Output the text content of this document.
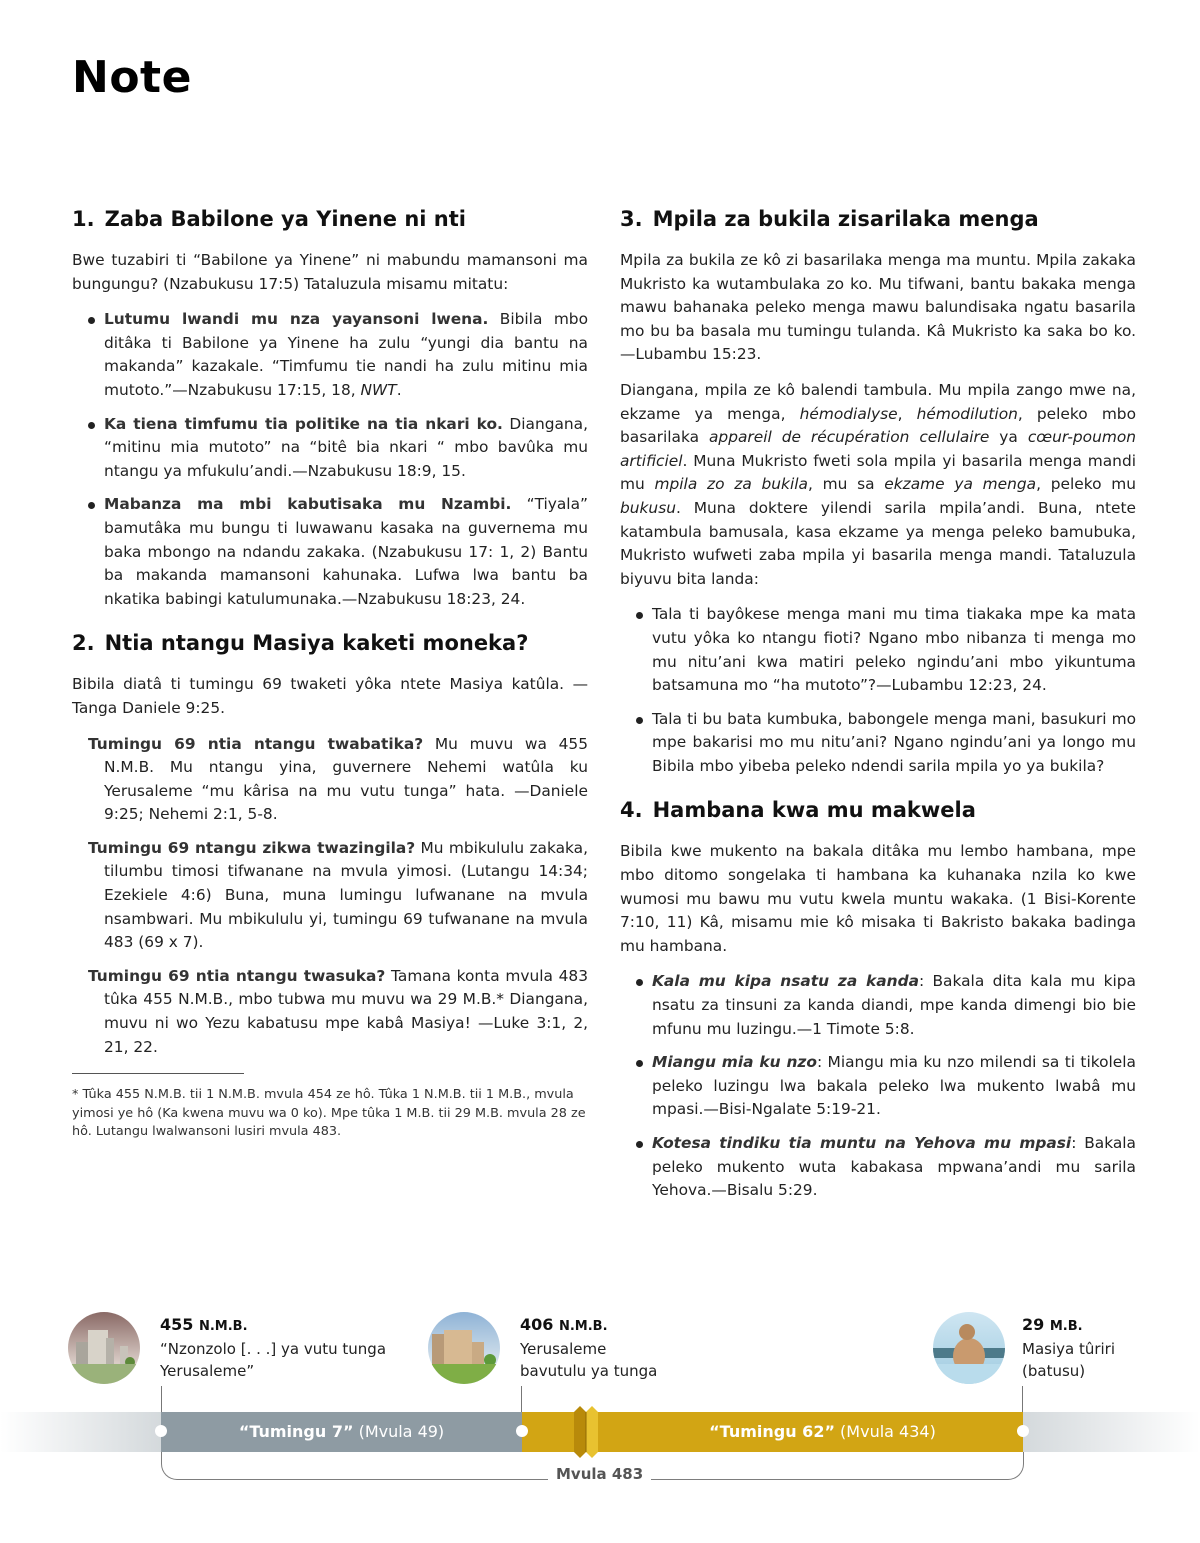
Note
1. Zaba Babilone ya Yinene ni nti

Bwe tuzabiri ti “Babilone ya Yinene” ni mabundu mamansoni ma bungungu? (Nzabukusu 17:5) Tataluzula misamu mitatu:

Lutumu lwandi mu nza yayansoni lwena. Bibila mbo ditâka ti Babilone ya Yinene ha zulu “yungi dia bantu na makanda” kazakale. “Timfumu tie nandi ha zulu mitinu mia mutoto.”—Nzabukusu 17:15, 18, NWT.
Ka tiena timfumu tia politike na tia nkari ko. Diangana, “mitinu mia mutoto” na “bitê bia nkari “ mbo bavûka mu ntangu ya mfukulu’andi.—Nzabukusu 18:9, 15.
Mabanza ma mbi kabutisaka mu Nzambi. “Tiyala” bamutâka mu bungu ti luwawanu kasaka na guvernema mu baka mbongo na ndandu zakaka. (Nzabukusu 17: 1, 2) Bantu ba makanda mamansoni kahunaka. Lufwa lwa bantu ba nkatika babingi katulumunaka.—Nzabukusu 18:23, 24.
2. Ntia ntangu Masiya kaketi moneka?

Bibila diatâ ti tumingu 69 twaketi yôka ntete Masiya katûla. —Tanga Daniele 9:25.

Tumingu 69 ntia ntangu twabatika? Mu muvu wa 455 N.M.B. Mu ntangu yina, guvernere Nehemi watûla ku Yerusaleme “mu kârisa na mu vutu tunga” hata. —Daniele 9:25; Nehemi 2:1, 5-8.

Tumingu 69 ntangu zikwa twazingila? Mu mbikululu zakaka, tilumbu timosi tifwanane na mvula yimosi. (Lutangu 14:34; Ezekiele 4:6) Buna, muna lumingu lufwanane na mvula nsambwari. Mu mbikululu yi, tumingu 69 tufwanane na mvula 483 (69 x 7).

Tumingu 69 ntia ntangu twasuka? Tamana konta mvula 483 tûka 455 N.M.B., mbo tubwa mu muvu wa 29 M.B.* Diangana, muvu ni wo Yezu kabatusu mpe kabâ Masiya! —Luke 3:1, 2, 21, 22.

* Tûka 455 N.M.B. tii 1 N.M.B. mvula 454 ze hô. Tûka 1 N.M.B. tii 1 M.B., mvula yimosi ye hô (Ka kwena muvu wa 0 ko). Mpe tûka 1 M.B. tii 29 M.B. mvula 28 ze hô. Lutangu lwalwansoni lusiri mvula 483.

3. Mpila za bukila zisarilaka menga

Mpila za bukila ze kô zi basarilaka menga ma muntu. Mpila zakaka Mukristo ka wutambulaka zo ko. Mu tifwani, bantu bakaka menga mawu bahanaka peleko menga mawu balundisaka ngatu basarila mo bu ba basala mu tumingu tulanda. Kâ Mukristo ka saka bo ko.—Lubambu 15:23.

Diangana, mpila ze kô balendi tambula. Mu mpila zango mwe na, ekzame ya menga, hémodialyse, hémodilution, peleko mbo basarilaka appareil de récupération cellulaire ya cœur-poumon artificiel. Muna Mukristo fweti sola mpila yi basarila menga mandi mu mpila zo za bukila, mu sa ekzame ya menga, peleko mu bukusu. Muna doktere yilendi sarila mpila’andi. Buna, ntete katambula bamusala, kasa ekzame ya menga peleko bamubuka, Mukristo wufweti zaba mpila yi basarila menga mandi. Tataluzula biyuvu bita landa:

Tala ti bayôkese menga mani mu tima tiakaka mpe ka mata vutu yôka ko ntangu fioti? Ngano mbo nibanza ti menga mo mu nitu’ani kwa matiri peleko ngindu’ani mbo yikuntuma batsamuna mo “ha mutoto”?—Lubambu 12:23, 24.
Tala ti bu bata kumbuka, babongele menga mani, basukuri mo mpe bakarisi mo mu nitu’ani? Ngano ngindu’ani ya longo mu Bibila mbo yibeba peleko ndendi sarila mpila yo ya bukila?
4. Hambana kwa mu makwela

Bibila kwe mukento na bakala ditâka mu lembo hambana, mpe mbo ditomo songelaka ti hambana ka kuhanaka nzila ko kwe wumosi mu bawu mu vutu kwela muntu wakaka. (1 Bisi-Korente 7:10, 11) Kâ, misamu mie kô misaka ti Bakristo bakaka badinga mu hambana.

Kala mu kipa nsatu za kanda: Bakala dita kala mu kipa nsatu za tinsuni za kanda diandi, mpe kanda dimengi bio bie mfunu mu luzingu.—1 Timote 5:8.
Miangu mia ku nzo: Miangu mia ku nzo milendi sa ti tikolela peleko luzingu lwa bakala peleko lwa mukento lwabâ mu mpasi.—Bisi-Ngalate 5:19-21.
Kotesa tindiku tia muntu na Yehova mu mpasi: Bakala peleko mukento wuta kabakasa mpwana’andi mu sarila Yehova.—Bisalu 5:29.
455 N.M.B.
“Nzonzolo [. . .] ya vutu tunga
Yerusaleme”
406 N.M.B.
Yerusaleme
bavutulu ya tunga
29 M.B.
Masiya tûriri
(batusu)
“Tumingu 7” (Mvula 49)	“Tumingu 62” (Mvula 434)
Mvula 483
